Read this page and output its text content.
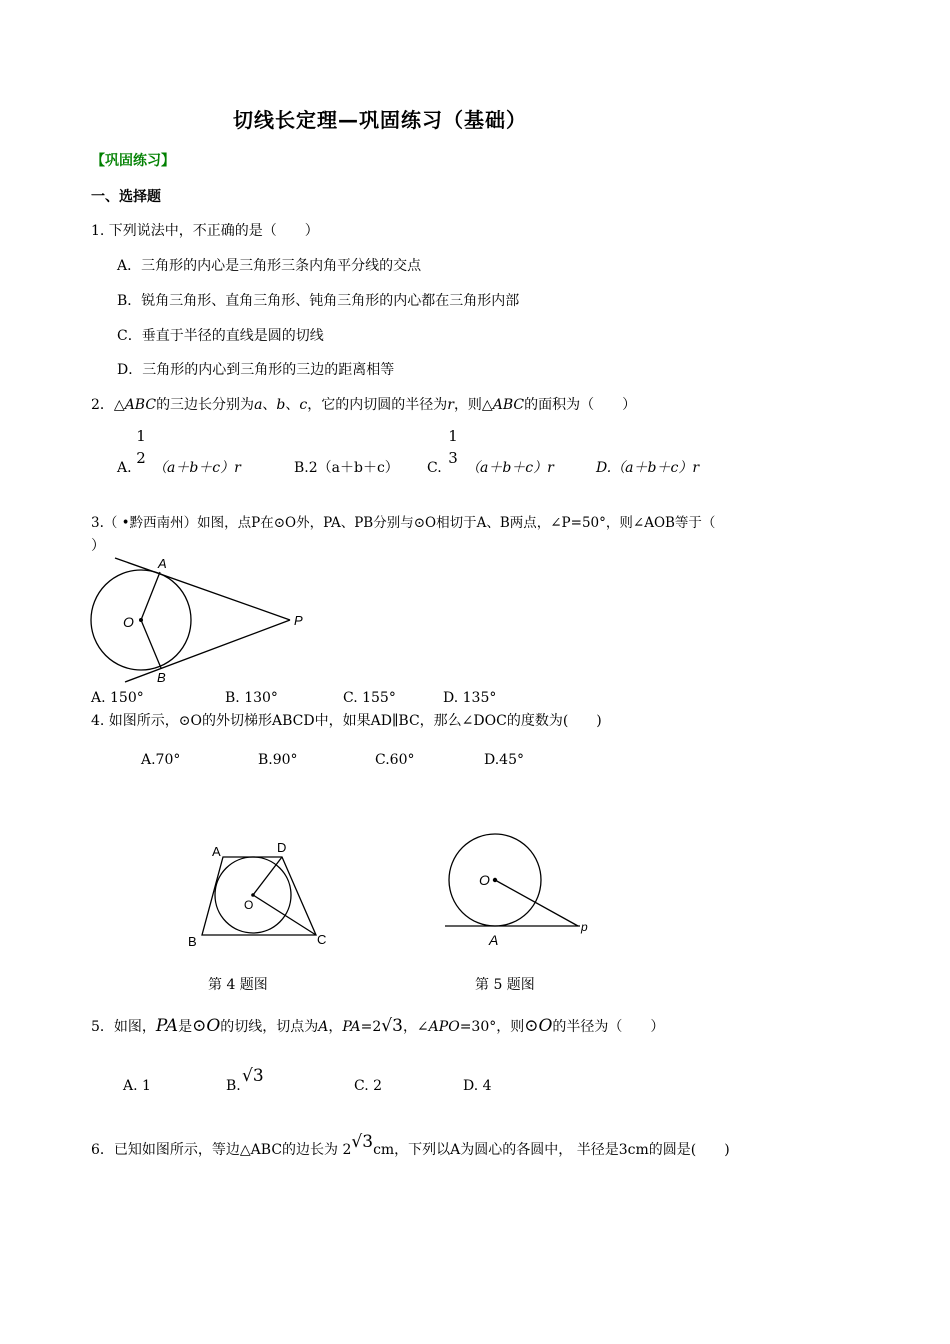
切线长定理—巩固练习（基础）
【巩固练习】
一、选择题
1. 下列说法中，不正确的是（　　）
A．三角形的内心是三角形三条内角平分线的交点
B．锐角三角形、直角三角形、钝角三角形的内心都在三角形内部
C．垂直于半径的直线是圆的切线
D．三角形的内心到三角形的三边的距离相等
2．△ABC的三边长分别为a、b、c，它的内切圆的半径为r，则△ABC的面积为（　　）
A.
1
2
（a＋b＋c）r	B.2（a＋b＋c） C.
1
3
（a＋b＋c）r	D.（a＋b＋c）r
3.（ •黔西南州）如图，点P在⊙O外，PA、PB分别与⊙O相切于A、B两点，∠P=50°，则∠AOB等于（
）
A
B
O	P
A. 150°	B. 130°	C. 155°	D. 135°
4. 如图所示，⊙O的外切梯形ABCD中，如果AD∥BC，那么∠DOC的度数为(　　)
A.70°	B.90°	C.60°	D.45°
A	D
B	C
O
第 4 题图
O
A
p
第 5 题图
5．如图，PA是⊙O的切线，切点为A，PA=2√3，∠APO=30°，则⊙O的半径为（　　）
A. 1	B. √3	C. 2	D. 4
6．已知如图所示，等边△ABC的边长为 2√3cm，下列以A为圆心的各圆中， 半径是3cm的圆是(　　)
